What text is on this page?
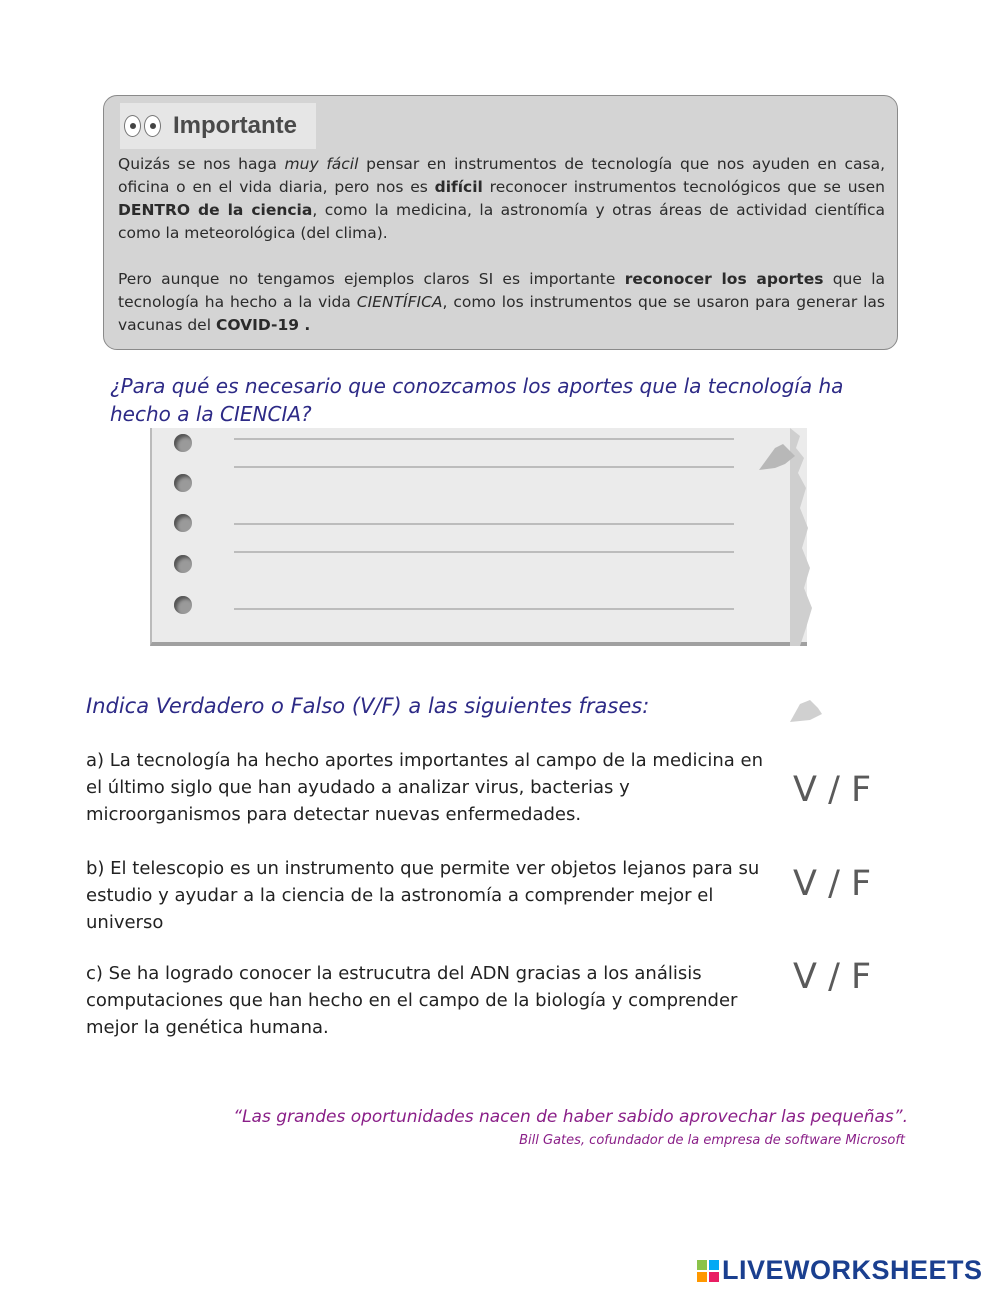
Importante
Quizás se nos haga muy fácil pensar en instrumentos de tecnología que nos ayuden en casa, oficina o en el vida diaria, pero nos es difícil reconocer instrumentos tecnológicos que se usen DENTRO de la ciencia, como la medicina, la astronomía y otras áreas de actividad científica como la meteorológica (del clima).
Pero aunque no tengamos ejemplos claros SI es importante reconocer los aportes que la tecnología ha hecho a la vida CIENTÍFICA, como los instrumentos que se usaron para generar las vacunas del COVID-19 .
¿Para qué es necesario que conozcamos los aportes que la tecnología ha hecho a la CIENCIA?
Indica Verdadero o Falso (V/F) a las siguientes frases:
a) La tecnología ha hecho aportes importantes al campo de la medicina en el último siglo que han ayudado a analizar virus, bacterias y microorganismos para detectar nuevas enfermedades.
V / F
b) El telescopio es un instrumento que permite ver objetos lejanos para su estudio y ayudar a la ciencia de la astronomía a comprender mejor el universo
V / F
c) Se ha logrado conocer la estrucutra del ADN gracias a los análisis computaciones que han hecho en el campo de la biología y comprender mejor la genética humana.
V / F
“Las grandes oportunidades nacen de haber sabido aprovechar las pequeñas”.
Bill Gates, cofundador de la empresa de software Microsoft
LIVEWORKSHEETS
